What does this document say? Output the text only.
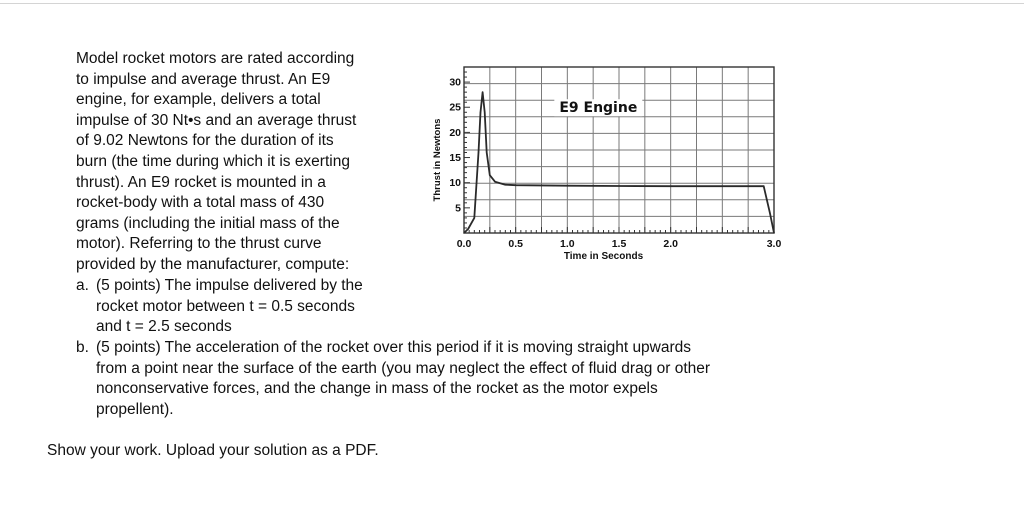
Model rocket motors are rated according
to impulse and average thrust. An E9
engine, for example, delivers a total
impulse of 30 Nt•s and an average thrust
of 9.02 Newtons for the duration of its
burn (the time during which it is exerting
thrust). An E9 rocket is mounted in a
rocket-body with a total mass of 430
grams (including the initial mass of the
motor). Referring to the thrust curve
provided by the manufacturer, compute:
a. (5 points) The impulse delivered by the
rocket motor between t = 0.5 seconds
and t = 2.5 seconds
b. (5 points) The acceleration of the rocket over this period if it is moving straight upwards
from a point near the surface of the earth (you may neglect the effect of fluid drag or other
nonconservative forces, and the change in mass of the rocket as the motor expels
propellent).

Show your work. Upload your solution as a PDF.

0.0	0.5	1.0	1.5	2.0	3.0
5
10
15
20
25
30
E9 Engine
Time in Seconds
Thrust in Newtons
